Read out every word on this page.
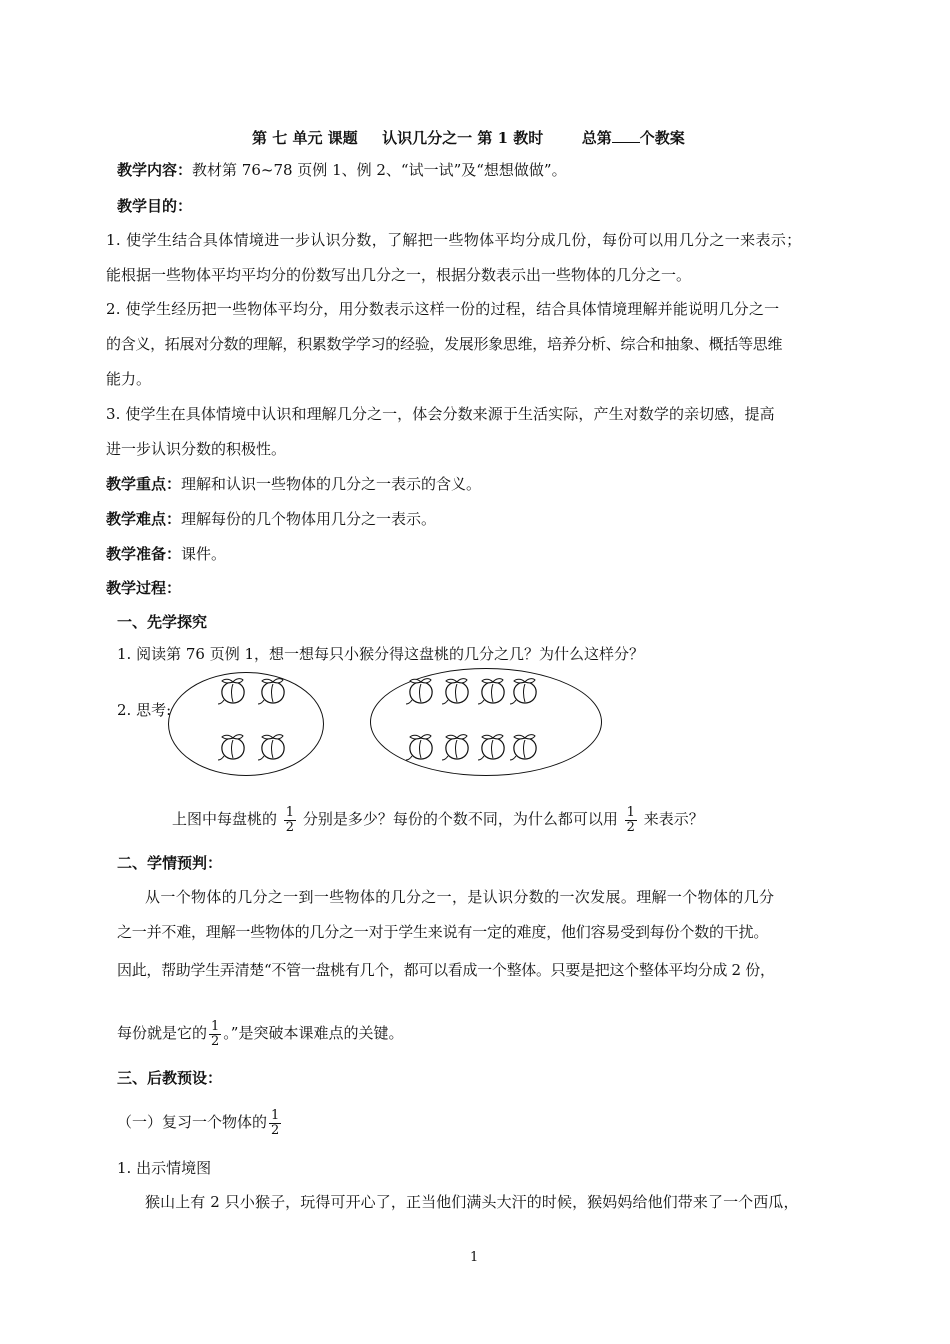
第 七 单元 课题 认识几分之一 第 1 教时	总第 个教案
教学内容：教材第 76~78 页例 1、例 2、“试一试”及“想想做做”。
教学目的：
1. 使学生结合具体情境进一步认识分数，了解把一些物体平均分成几份，每份可以用几分之一来表示；
能根据一些物体平均平均分的份数写出几分之一，根据分数表示出一些物体的几分之一。
2. 使学生经历把一些物体平均分，用分数表示这样一份的过程，结合具体情境理解并能说明几分之一
的含义，拓展对分数的理解，积累数学学习的经验，发展形象思维，培养分析、综合和抽象、概括等思维
能力。
3. 使学生在具体情境中认识和理解几分之一，体会分数来源于生活实际，产生对数学的亲切感，提高
进一步认识分数的积极性。
教学重点：理解和认识一些物体的几分之一表示的含义。
教学难点：理解每份的几个物体用几分之一表示。
教学准备：课件。
教学过程：
一、先学探究
1. 阅读第 76 页例 1，想一想每只小猴分得这盘桃的几分之几？为什么这样分？
2. 思考:
上图中每盘桃的 $\frac{1}{2}$ 分别是多少？每份的个数不同，为什么都可以用 $\frac{1}{2}$ 来表示？
二、学情预判：
从一个物体的几分之一到一些物体的几分之一，是认识分数的一次发展。理解一个物体的几分
之一并不难，理解一些物体的几分之一对于学生来说有一定的难度，他们容易受到每份个数的干扰。
因此，帮助学生弄清楚“不管一盘桃有几个，都可以看成一个整体。只要是把这个整体平均分成 2 份，
每份就是它的 $\frac{1}{2}$ 。”是突破本课难点的关键。
三、后教预设：
（一）复习一个物体的 $\frac{1}{2}$
1. 出示情境图
猴山上有 2 只小猴子，玩得可开心了，正当他们满头大汗的时候，猴妈妈给他们带来了一个西瓜，
1
